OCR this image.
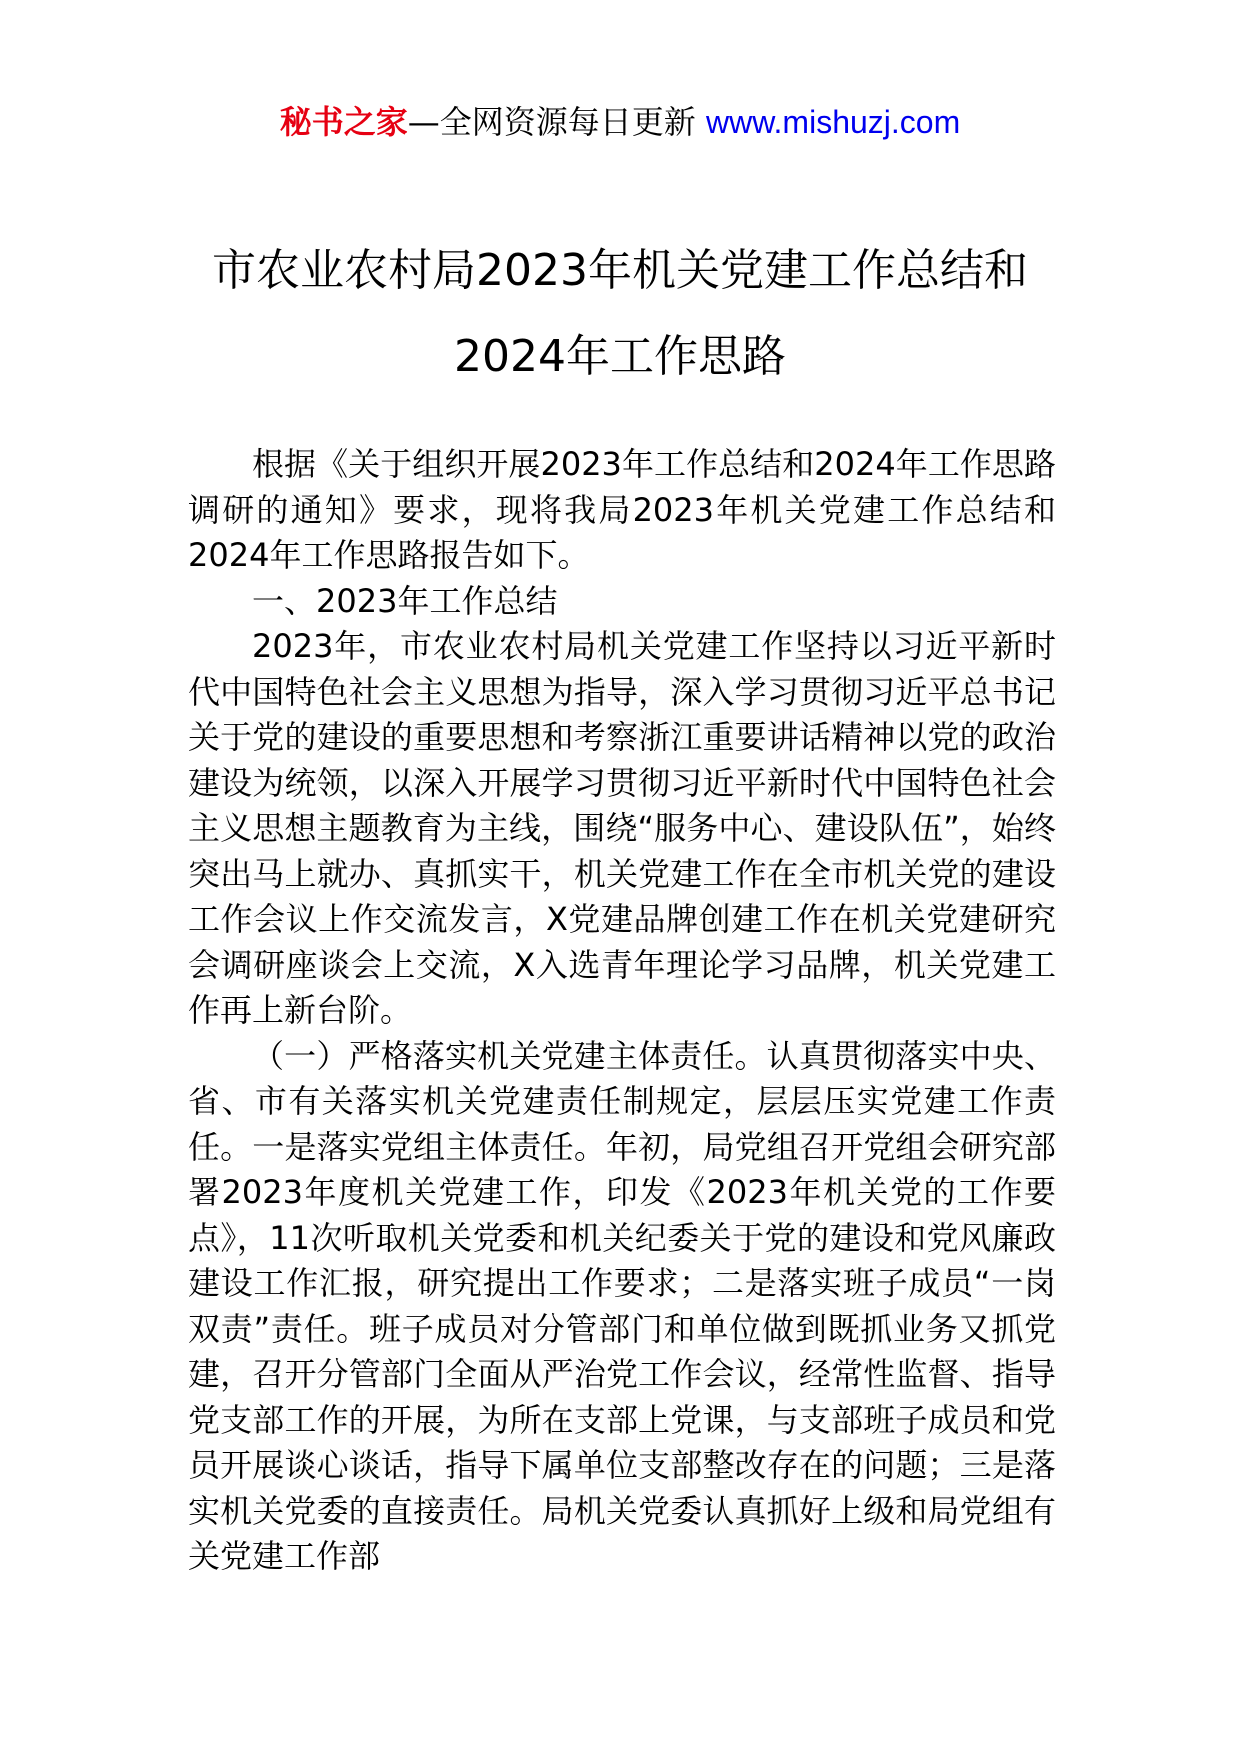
秘书之家—全网资源每日更新 www.mishuzj.com
市农业农村局2023年机关党建工作总结和
2024年工作思路

根据《关于组织开展2023年工作总结和2024年工作思路调研的通知》要求，现将我局2023年机关党建工作总结和2024年工作思路报告如下。

一、2023年工作总结

2023年，市农业农村局机关党建工作坚持以习近平新时代中国特色社会主义思想为指导，深入学习贯彻习近平总书记关于党的建设的重要思想和考察浙江重要讲话精神以党的政治建设为统领，以深入开展学习贯彻习近平新时代中国特色社会主义思想主题教育为主线，围绕“服务中心、建设队伍”，始终突出马上就办、真抓实干，机关党建工作在全市机关党的建设工作会议上作交流发言，X党建品牌创建工作在机关党建研究会调研座谈会上交流，X入选青年理论学习品牌，机关党建工作再上新台阶。

（一）严格落实机关党建主体责任。认真贯彻落实中央、省、市有关落实机关党建责任制规定，层层压实党建工作责任。一是落实党组主体责任。年初，局党组召开党组会研究部署2023年度机关党建工作，印发《2023年机关党的工作要点》，11次听取机关党委和机关纪委关于党的建设和党风廉政建设工作汇报，研究提出工作要求；二是落实班子成员“一岗双责”责任。班子成员对分管部门和单位做到既抓业务又抓党建，召开分管部门全面从严治党工作会议，经常性监督、指导党支部工作的开展，为所在支部上党课，与支部班子成员和党员开展谈心谈话，指导下属单位支部整改存在的问题；三是落实机关党委的直接责任。局机关党委认真抓好上级和局党组有关党建工作部
